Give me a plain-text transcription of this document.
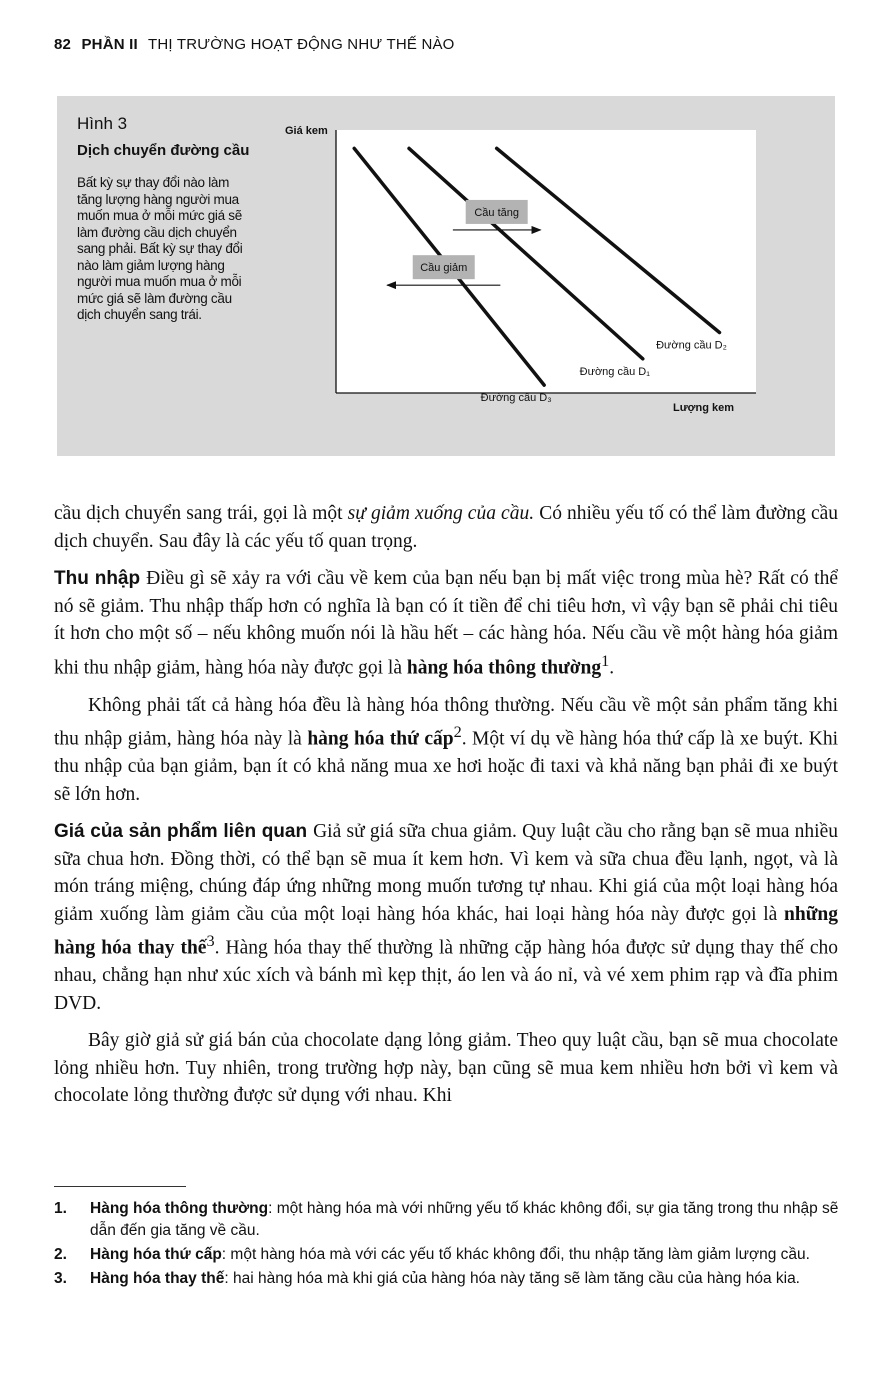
82 PHẦN II THỊ TRƯỜNG HOẠT ĐỘNG NHƯ THẾ NÀO
Hình 3
Dịch chuyển đường cầu
Bất kỳ sự thay đổi nào làm tăng lượng hàng người mua muốn mua ở mỗi mức giá sẽ làm đường cầu dịch chuyển sang phải. Bất kỳ sự thay đổi nào làm giảm lượng hàng người mua muốn mua ở mỗi mức giá sẽ làm đường cầu dịch chuyển sang trái.
Giá kem
Lượng kem
Đường cầu D₃
Đường cầu D₁
Đường cầu D₂
Cầu tăng
Cầu giảm

cầu dịch chuyển sang trái, gọi là một sự giảm xuống của cầu. Có nhiều yếu tố có thể làm đường cầu dịch chuyển. Sau đây là các yếu tố quan trọng.

Thu nhập Điều gì sẽ xảy ra với cầu về kem của bạn nếu bạn bị mất việc trong mùa hè? Rất có thể nó sẽ giảm. Thu nhập thấp hơn có nghĩa là bạn có ít tiền để chi tiêu hơn, vì vậy bạn sẽ phải chi tiêu ít hơn cho một số – nếu không muốn nói là hầu hết – các hàng hóa. Nếu cầu về một hàng hóa giảm khi thu nhập giảm, hàng hóa này được gọi là hàng hóa thông thường$^1$.

Không phải tất cả hàng hóa đều là hàng hóa thông thường. Nếu cầu về một sản phẩm tăng khi thu nhập giảm, hàng hóa này là hàng hóa thứ cấp$^2$. Một ví dụ về hàng hóa thứ cấp là xe buýt. Khi thu nhập của bạn giảm, bạn ít có khả năng mua xe hơi hoặc đi taxi và khả năng bạn phải đi xe buýt sẽ lớn hơn.

Giá của sản phẩm liên quan Giả sử giá sữa chua giảm. Quy luật cầu cho rằng bạn sẽ mua nhiều sữa chua hơn. Đồng thời, có thể bạn sẽ mua ít kem hơn. Vì kem và sữa chua đều lạnh, ngọt, và là món tráng miệng, chúng đáp ứng những mong muốn tương tự nhau. Khi giá của một loại hàng hóa giảm xuống làm giảm cầu của một loại hàng hóa khác, hai loại hàng hóa này được gọi là những hàng hóa thay thế$^3$. Hàng hóa thay thế thường là những cặp hàng hóa được sử dụng thay thế cho nhau, chẳng hạn như xúc xích và bánh mì kẹp thịt, áo len và áo nỉ, và vé xem phim rạp và đĩa phim DVD.

Bây giờ giả sử giá bán của chocolate dạng lỏng giảm. Theo quy luật cầu, bạn sẽ mua chocolate lỏng nhiều hơn. Tuy nhiên, trong trường hợp này, bạn cũng sẽ mua kem nhiều hơn bởi vì kem và chocolate lỏng thường được sử dụng với nhau. Khi

1.	Hàng hóa thông thường: một hàng hóa mà với những yếu tố khác không đổi, sự gia tăng trong thu nhập sẽ dẫn đến gia tăng về cầu.
2.	Hàng hóa thứ cấp: một hàng hóa mà với các yếu tố khác không đổi, thu nhập tăng làm giảm lượng cầu.
3.	Hàng hóa thay thế: hai hàng hóa mà khi giá của hàng hóa này tăng sẽ làm tăng cầu của hàng hóa kia.
